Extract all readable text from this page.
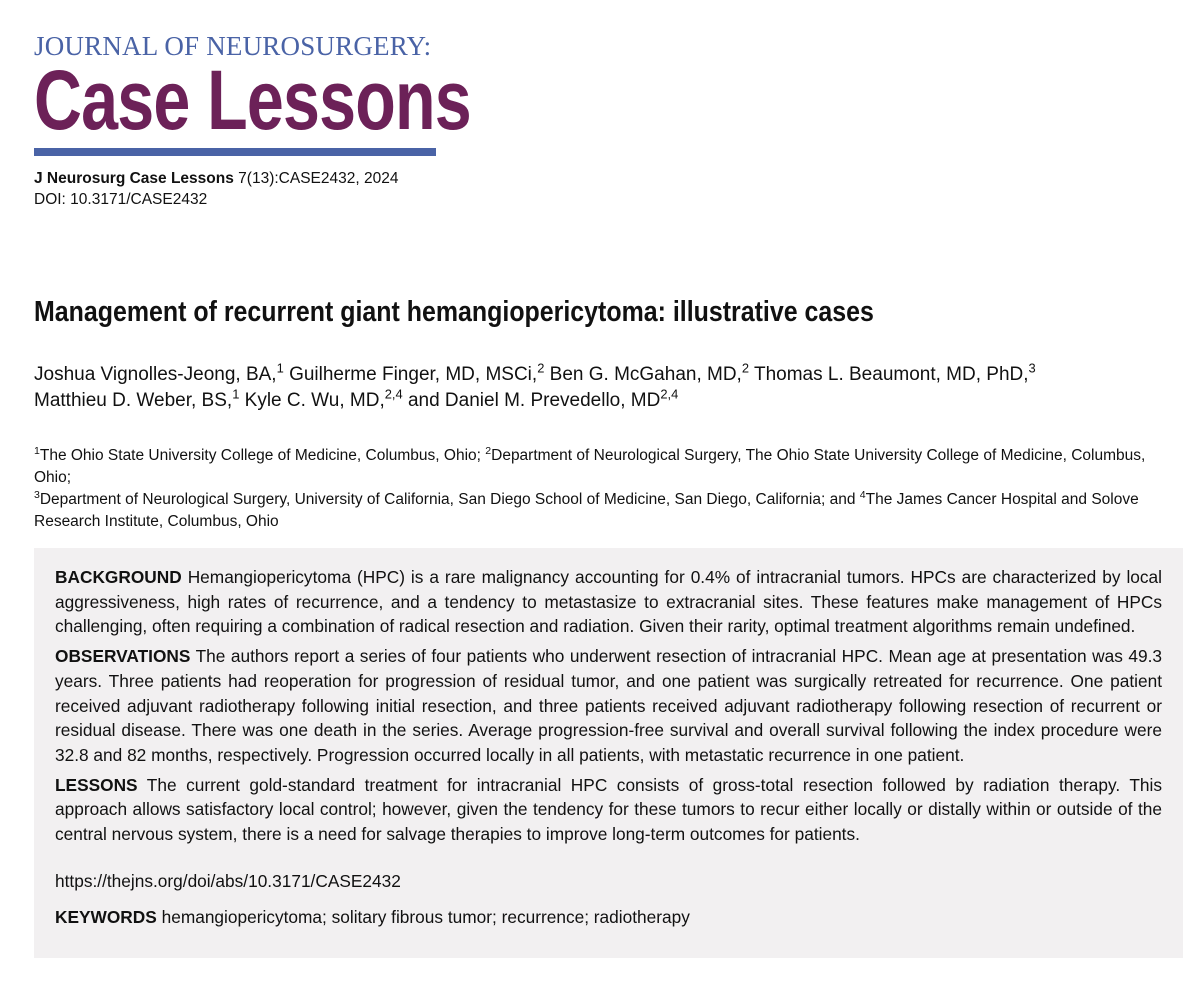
JOURNAL OF NEUROSURGERY:
Case Lessons
J Neurosurg Case Lessons 7(13):CASE2432, 2024
DOI: 10.3171/CASE2432
Management of recurrent giant hemangiopericytoma: illustrative cases
Joshua Vignolles-Jeong, BA,$^1$ Guilherme Finger, MD, MSCi,$^2$ Ben G. McGahan, MD,$^2$ Thomas L. Beaumont, MD, PhD,$^3$
Matthieu D. Weber, BS,$^1$ Kyle C. Wu, MD,$^{2,4}$ and Daniel M. Prevedello, MD$^{2,4}$
$^1$The Ohio State University College of Medicine, Columbus, Ohio; $^2$Department of Neurological Surgery, The Ohio State University College of Medicine, Columbus, Ohio;
$^3$Department of Neurological Surgery, University of California, San Diego School of Medicine, San Diego, California; and $^4$The James Cancer Hospital and Solove Research Institute, Columbus, Ohio

BACKGROUND Hemangiopericytoma (HPC) is a rare malignancy accounting for 0.4% of intracranial tumors. HPCs are characterized by local aggressiveness, high rates of recurrence, and a tendency to metastasize to extracranial sites. These features make management of HPCs challenging, often requiring a combination of radical resection and radiation. Given their rarity, optimal treatment algorithms remain undefined.

OBSERVATIONS The authors report a series of four patients who underwent resection of intracranial HPC. Mean age at presentation was 49.3 years. Three patients had reoperation for progression of residual tumor, and one patient was surgically retreated for recurrence. One patient received adjuvant radiotherapy following initial resection, and three patients received adjuvant radiotherapy following resection of recurrent or residual disease. There was one death in the series. Average progression-free survival and overall survival following the index procedure were 32.8 and 82 months, respectively. Progression occurred locally in all patients, with metastatic recurrence in one patient.

LESSONS The current gold-standard treatment for intracranial HPC consists of gross-total resection followed by radiation therapy. This approach allows satisfactory local control; however, given the tendency for these tumors to recur either locally or distally within or outside of the central nervous system, there is a need for salvage therapies to improve long-term outcomes for patients.

https://thejns.org/doi/abs/10.3171/CASE2432

KEYWORDS hemangiopericytoma; solitary fibrous tumor; recurrence; radiotherapy
